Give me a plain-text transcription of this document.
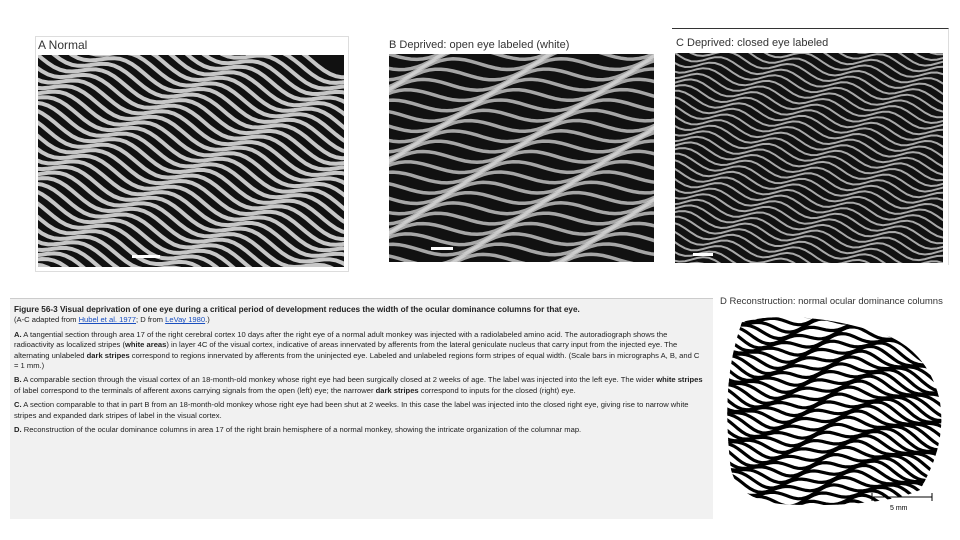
A Normal	B Deprived: open eye labeled (white)	C Deprived: closed eye labeled

Figure 56-3 Visual deprivation of one eye during a critical period of development reduces the width of the ocular dominance columns for that eye.
(A-C adapted from Hubel et al. 1977; D from LeVay 1980.)

A. A tangential section through area 17 of the right cerebral cortex 10 days after the right eye of a normal adult monkey was injected with a radiolabeled amino acid. The autoradiograph shows the radioactivity as localized stripes (white areas) in layer 4C of the visual cortex, indicative of areas innervated by afferents from the lateral geniculate nucleus that carry input from the injected eye. The alternating unlabeled dark stripes correspond to regions innervated by afferents from the uninjected eye. Labeled and unlabeled regions form stripes of equal width. (Scale bars in micrographs A, B, and C = 1 mm.)

B. A comparable section through the visual cortex of an 18-month-old monkey whose right eye had been surgically closed at 2 weeks of age. The label was injected into the left eye. The wider white stripes of label correspond to the terminals of afferent axons carrying signals from the open (left) eye; the narrower dark stripes correspond to inputs for the closed (right) eye.

C. A section comparable to that in part B from an 18-month-old monkey whose right eye had been shut at 2 weeks. In this case the label was injected into the closed right eye, giving rise to narrow white stripes and expanded dark stripes of label in the visual cortex.

D. Reconstruction of the ocular dominance columns in area 17 of the right brain hemisphere of a normal monkey, showing the intricate organization of the columnar map.

D Reconstruction: normal ocular dominance columns
5 mm
